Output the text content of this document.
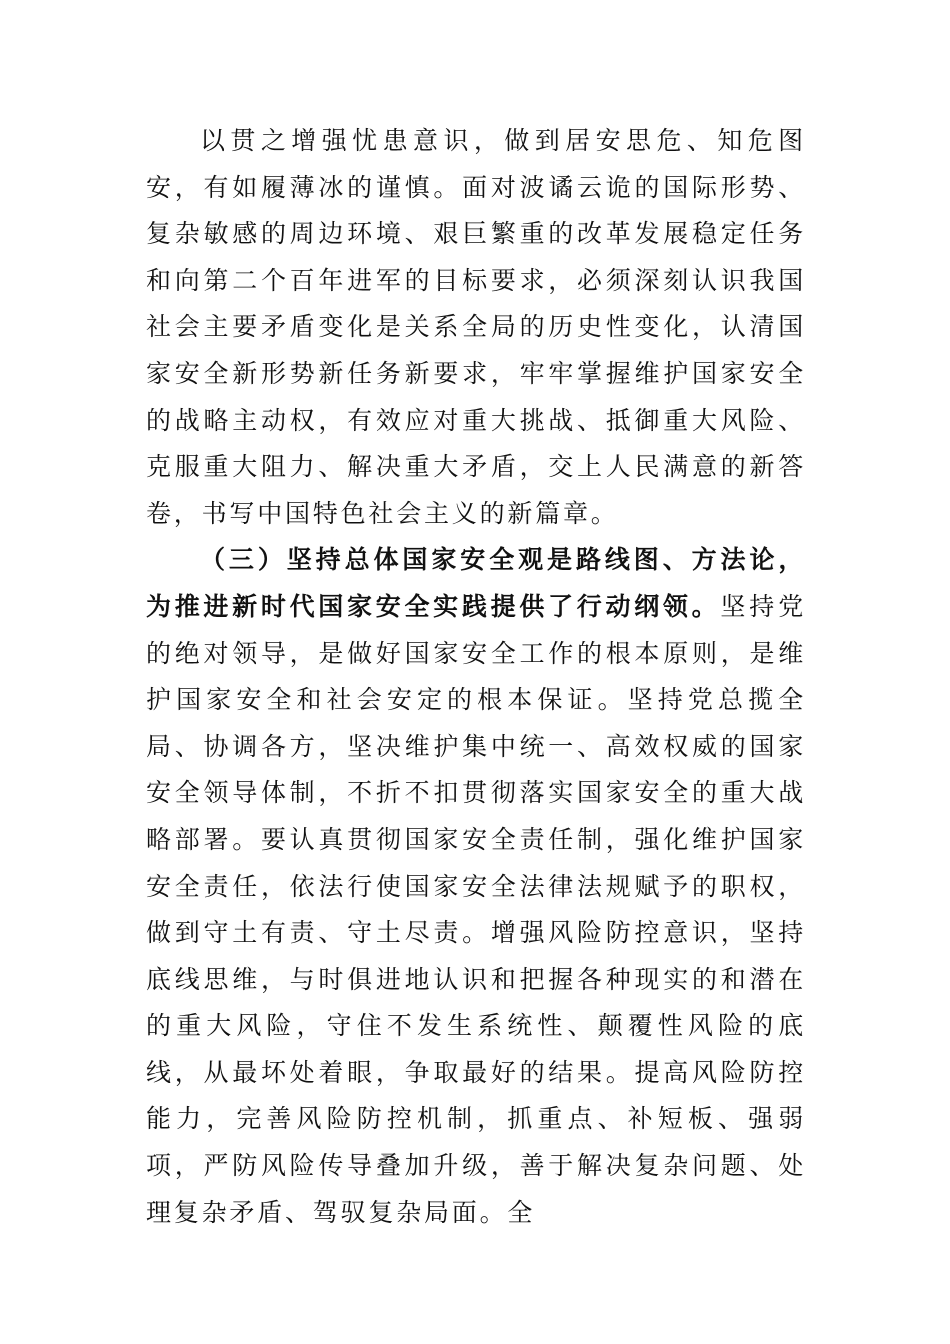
以贯之增强忧患意识，做到居安思危、知危图安，有如履薄冰的谨慎。面对波谲云诡的国际形势、复杂敏感的周边环境、艰巨繁重的改革发展稳定任务和向第二个百年进军的目标要求，必须深刻认识我国社会主要矛盾变化是关系全局的历史性变化，认清国家安全新形势新任务新要求，牢牢掌握维护国家安全的战略主动权，有效应对重大挑战、抵御重大风险、克服重大阻力、解决重大矛盾，交上人民满意的新答卷，书写中国特色社会主义的新篇章。

（三）坚持总体国家安全观是路线图、方法论，为推进新时代国家安全实践提供了行动纲领。坚持党的绝对领导，是做好国家安全工作的根本原则，是维护国家安全和社会安定的根本保证。坚持党总揽全局、协调各方，坚决维护集中统一、高效权威的国家安全领导体制，不折不扣贯彻落实国家安全的重大战略部署。要认真贯彻国家安全责任制，强化维护国家安全责任，依法行使国家安全法律法规赋予的职权，做到守土有责、守土尽责。增强风险防控意识，坚持底线思维，与时俱进地认识和把握各种现实的和潜在的重大风险，守住不发生系统性、颠覆性风险的底线，从最坏处着眼，争取最好的结果。提高风险防控能力，完善风险防控机制，抓重点、补短板、强弱项，严防风险传导叠加升级，善于解决复杂问题、处理复杂矛盾、驾驭复杂局面。全
